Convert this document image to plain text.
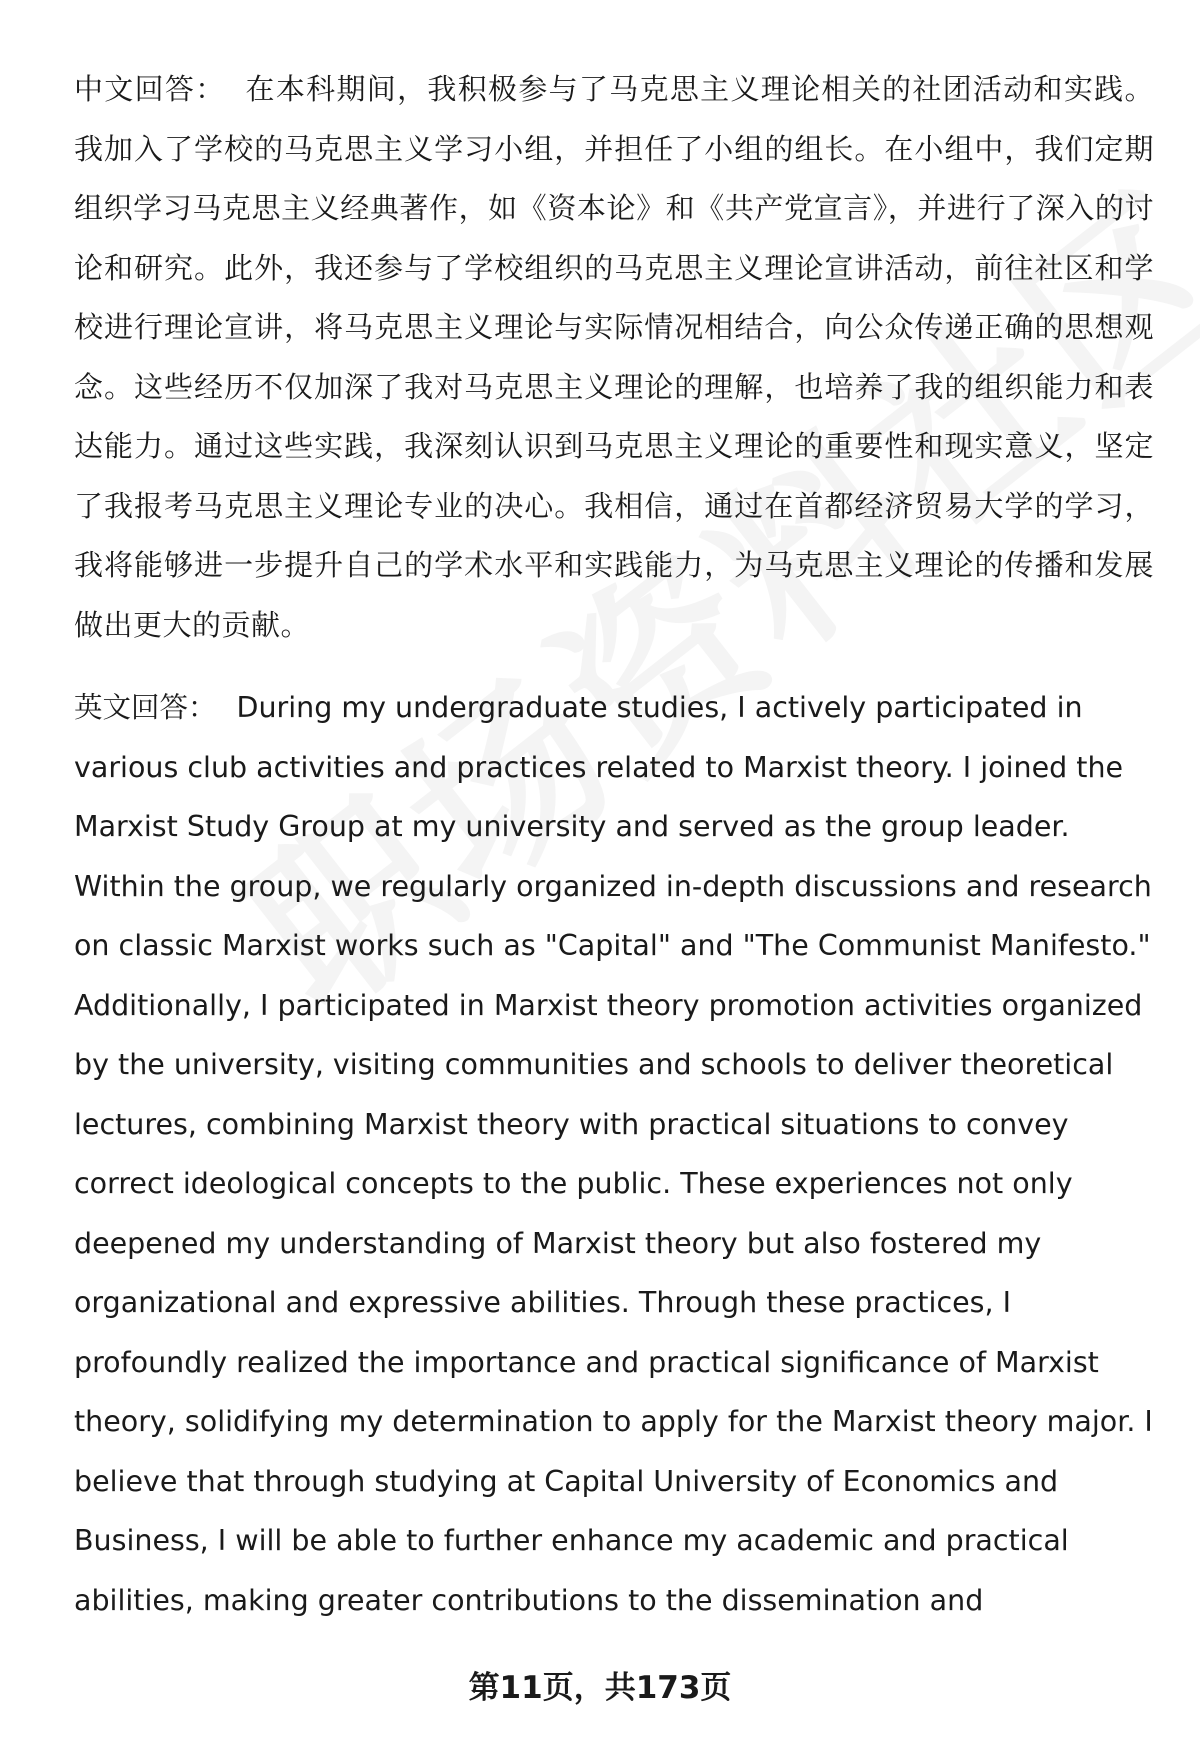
中文回答： 在本科期间，我积极参与了马克思主义理论相关的社团活动和实践。我加入了学校的马克思主义学习小组，并担任了小组的组长。在小组中，我们定期组织学习马克思主义经典著作，如《资本论》和《共产党宣言》，并进行了深入的讨论和研究。此外，我还参与了学校组织的马克思主义理论宣讲活动，前往社区和学校进行理论宣讲，将马克思主义理论与实际情况相结合，向公众传递正确的思想观念。这些经历不仅加深了我对马克思主义理论的理解，也培养了我的组织能力和表达能力。通过这些实践，我深刻认识到马克思主义理论的重要性和现实意义，坚定了我报考马克思主义理论专业的决心。我相信，通过在首都经济贸易大学的学习，我将能够进一步提升自己的学术水平和实践能力，为马克思主义理论的传播和发展做出更大的贡献。

英文回答： During my undergraduate studies, I actively participated in various club activities and practices related to Marxist theory. I joined the Marxist Study Group at my university and served as the group leader. Within the group, we regularly organized in-depth discussions and research on classic Marxist works such as "Capital" and "The Communist Manifesto." Additionally, I participated in Marxist theory promotion activities organized by the university, visiting communities and schools to deliver theoretical lectures, combining Marxist theory with practical situations to convey correct ideological concepts to the public. These experiences not only deepened my understanding of Marxist theory but also fostered my organizational and expressive abilities. Through these practices, I profoundly realized the importance and practical significance of Marxist theory, solidifying my determination to apply for the Marxist theory major. I believe that through studying at Capital University of Economics and Business, I will be able to further enhance my academic and practical abilities, making greater contributions to the dissemination and

第11页，共173页
